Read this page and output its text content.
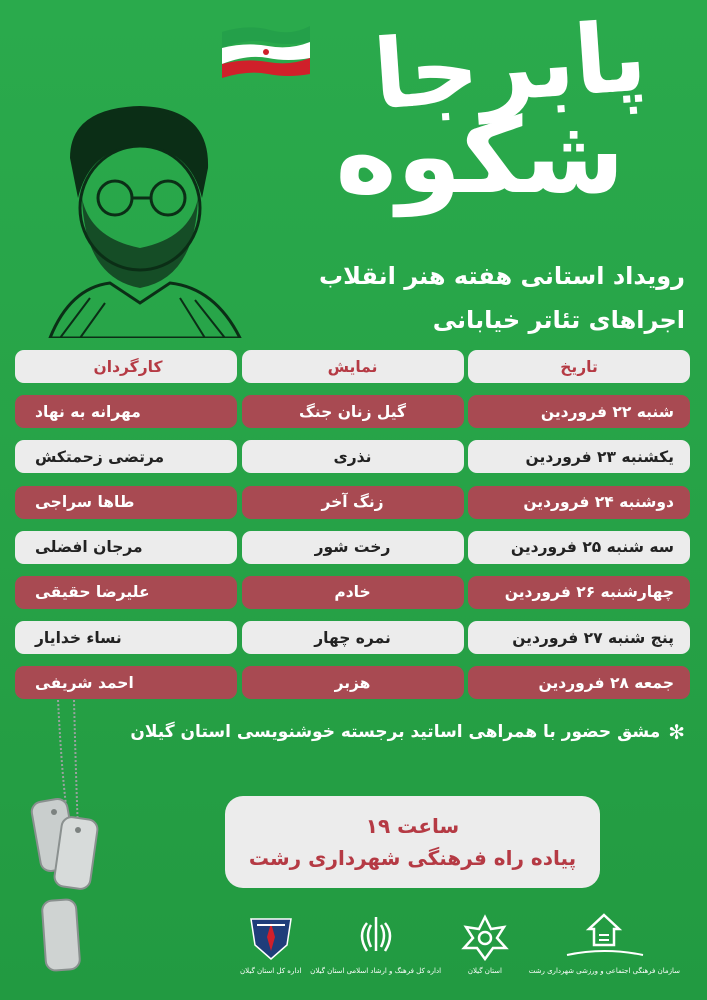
پابرجا
شکوه
رویداد استانی هفته هنر انقلاب
اجراهای تئاتر خیابانی
تاریخ
نمایش
کارگردان
شنبه ۲۲ فروردین
گیل زنان جنگ
مهرانه به نهاد
یکشنبه ۲۳ فروردین
نذری
مرتضی زحمتکش
دوشنبه ۲۴ فروردین
زنگ آخر
طاها سراجی
سه شنبه ۲۵ فروردین
رخت شور
مرجان افضلی
چهارشنبه ۲۶ فروردین
خادم
علیرضا حقیقی
پنج شنبه ۲۷ فروردین
نمره چهار
نساء خدایار
جمعه ۲۸ فروردین
هزبر
احمد شریفی
✻
مشق حضور با همراهی اساتید برجسته خوشنویسی استان گیلان
ساعت ۱۹
پیاده راه فرهنگی شهرداری رشت
سازمان فرهنگی اجتماعی و ورزشی شهرداری رشت
استان گیلان
اداره کل فرهنگ و ارشاد اسلامی استان گیلان
اداره کل استان گیلان
